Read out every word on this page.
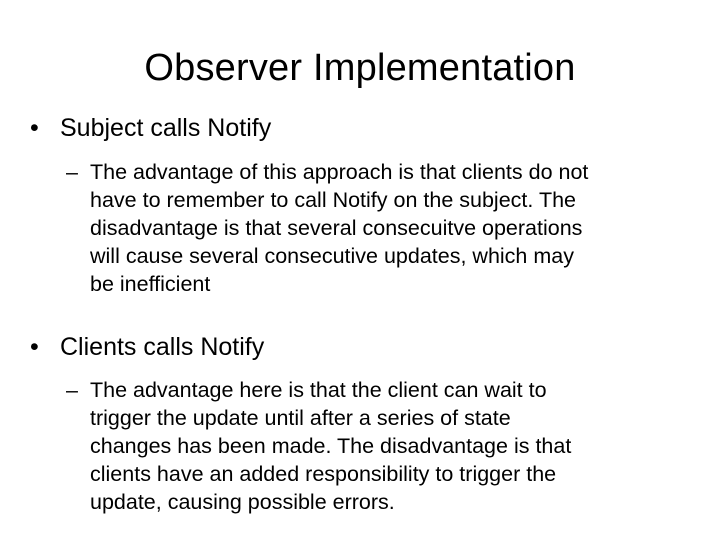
Observer Implementation
• Subject calls Notify
– The advantage of this approach is that clients do not
have to remember to call Notify on the subject. The
disadvantage is that several consecuitve operations
will cause several consecutive updates, which may
be inefficient
• Clients calls Notify
– The advantage here is that the client can wait to
trigger the update until after a series of state
changes has been made. The disadvantage is that
clients have an added responsibility to trigger the
update, causing possible errors.
